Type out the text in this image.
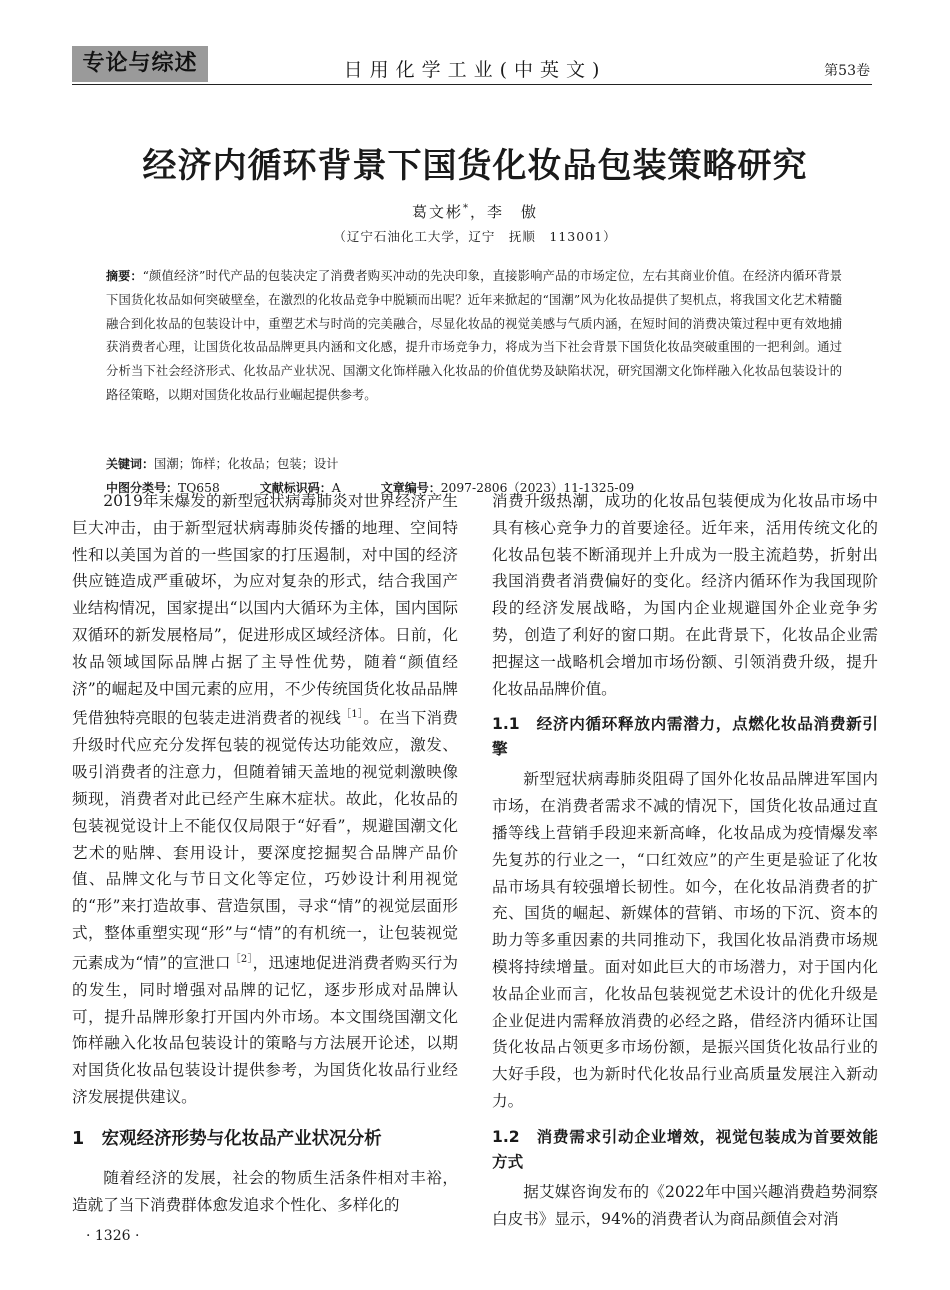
专论与综述	日用化学工业(中英文)	第53卷
经济内循环背景下国货化妆品包装策略研究
葛文彬*，李　傲
（辽宁石油化工大学，辽宁　抚顺　113001）
摘要：“颜值经济”时代产品的包装决定了消费者购买冲动的先决印象，直接影响产品的市场定位，左右其商业价值。在经济内循环背景下国货化妆品如何突破壁垒，在激烈的化妆品竞争中脱颖而出呢？近年来掀起的“国潮”风为化妆品提供了契机点，将我国文化艺术精髓融合到化妆品的包装设计中，重塑艺术与时尚的完美融合，尽显化妆品的视觉美感与气质内涵，在短时间的消费决策过程中更有效地捕获消费者心理，让国货化妆品品牌更具内涵和文化感，提升市场竞争力，将成为当下社会背景下国货化妆品突破重围的一把利剑。通过分析当下社会经济形式、化妆品产业状况、国潮文化饰样融入化妆品的价值优势及缺陷状况，研究国潮文化饰样融入化妆品包装设计的路径策略，以期对国货化妆品行业崛起提供参考。
关键词： 国潮；饰样；化妆品；包装；设计
中图分类号：TQ658	文献标识码：A	文章编号：2097-2806（2023）11-1325-09

2019年末爆发的新型冠状病毒肺炎对世界经济产生巨大冲击，由于新型冠状病毒肺炎传播的地理、空间特性和以美国为首的一些国家的打压遏制，对中国的经济供应链造成严重破坏，为应对复杂的形式，结合我国产业结构情况，国家提出“以国内大循环为主体，国内国际双循环的新发展格局”，促进形成区域经济体。日前，化妆品领域国际品牌占据了主导性优势，随着“颜值经济”的崛起及中国元素的应用，不少传统国货化妆品品牌凭借独特亮眼的包装走进消费者的视线$^{[1]}$。在当下消费升级时代应充分发挥包装的视觉传达功能效应，激发、吸引消费者的注意力，但随着铺天盖地的视觉刺激映像频现，消费者对此已经产生麻木症状。故此，化妆品的包装视觉设计上不能仅仅局限于“好看”，规避国潮文化艺术的贴牌、套用设计，要深度挖掘契合品牌产品价值、品牌文化与节日文化等定位，巧妙设计利用视觉的“形”来打造故事、营造氛围，寻求“情”的视觉层面形式，整体重塑实现“形”与“情”的有机统一，让包装视觉元素成为“情”的宣泄口$^{[2]}$，迅速地促进消费者购买行为的发生，同时增强对品牌的记忆，逐步形成对品牌认可，提升品牌形象打开国内外市场。本文围绕国潮文化饰样融入化妆品包装设计的策略与方法展开论述，以期对国货化妆品包装设计提供参考，为国货化妆品行业经济发展提供建议。

1　宏观经济形势与化妆品产业状况分析

随着经济的发展，社会的物质生活条件相对丰裕，造就了当下消费群体愈发追求个性化、多样化的

消费升级热潮，成功的化妆品包装便成为化妆品市场中具有核心竞争力的首要途径。近年来，活用传统文化的化妆品包装不断涌现并上升成为一股主流趋势，折射出我国消费者消费偏好的变化。经济内循环作为我国现阶段的经济发展战略，为国内企业规避国外企业竞争劣势，创造了利好的窗口期。在此背景下，化妆品企业需把握这一战略机会增加市场份额、引领消费升级，提升化妆品品牌价值。

1.1　经济内循环释放内需潜力，点燃化妆品消费新引擎

新型冠状病毒肺炎阻碍了国外化妆品品牌进军国内市场，在消费者需求不减的情况下，国货化妆品通过直播等线上营销手段迎来新高峰，化妆品成为疫情爆发率先复苏的行业之一，“口红效应”的产生更是验证了化妆品市场具有较强增长韧性。如今，在化妆品消费者的扩充、国货的崛起、新媒体的营销、市场的下沉、资本的助力等多重因素的共同推动下，我国化妆品消费市场规模将持续增量。面对如此巨大的市场潜力，对于国内化妆品企业而言，化妆品包装视觉艺术设计的优化升级是企业促进内需释放消费的必经之路，借经济内循环让国货化妆品占领更多市场份额，是振兴国货化妆品行业的大好手段，也为新时代化妆品行业高质量发展注入新动力。

1.2　消费需求引动企业增效，视觉包装成为首要效能方式

据艾媒咨询发布的《2022年中国兴趣消费趋势洞察白皮书》显示，94%的消费者认为商品颜值会对消

· 1326 ·
